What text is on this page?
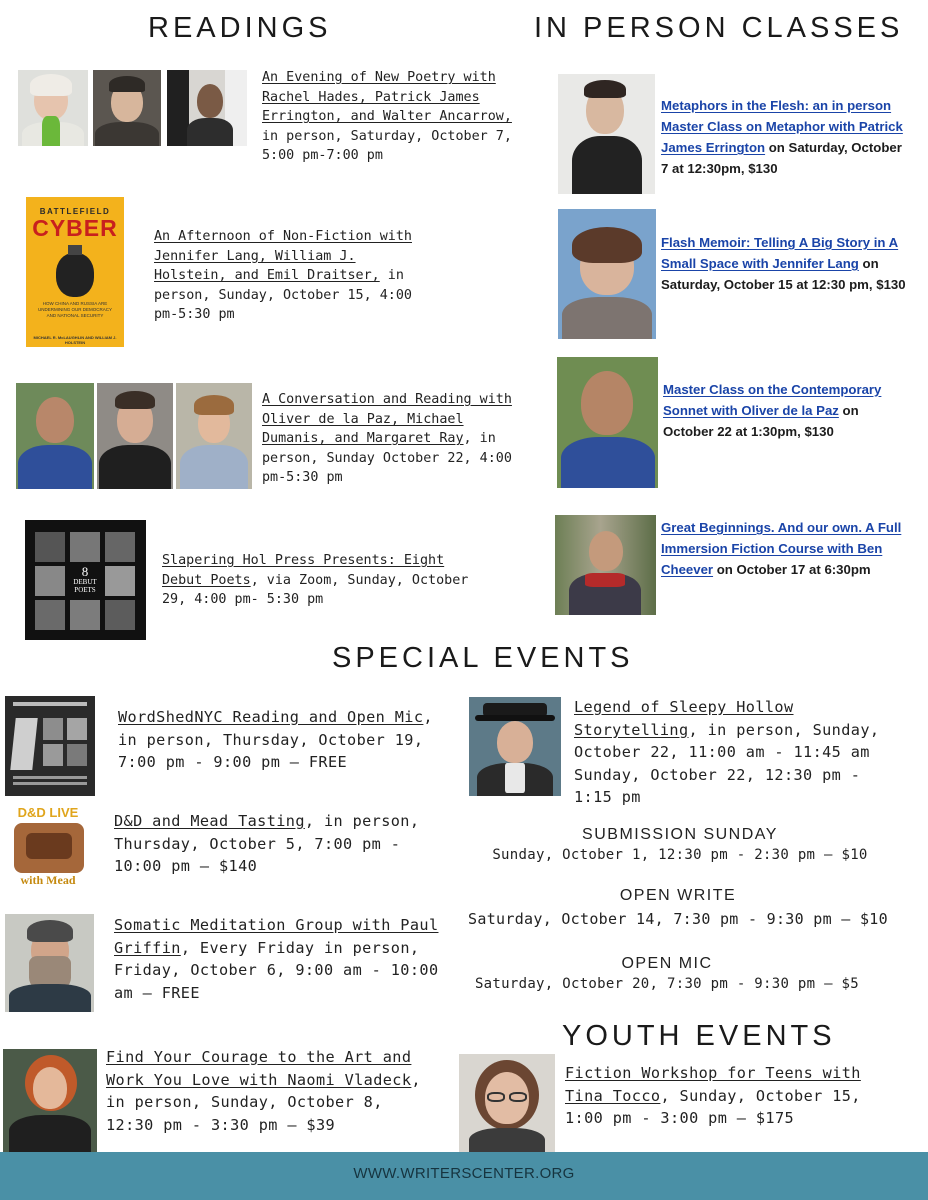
READINGS	IN PERSON CLASSES
SPECIAL EVENTS
YOUTH EVENTS
An Evening of New Poetry with Rachel Hades, Patrick James Errington, and Walter Ancarrow, in person, Saturday, October 7, 5:00 pm-7:00 pm
BATTLEFIELD
CYBER
HOW CHINA AND RUSSIA ARE UNDERMINING OUR DEMOCRACY AND NATIONAL SECURITY
MICHAEL R. McLAUGHLIN AND WILLIAM J. HOLSTEIN
An Afternoon of Non-Fiction with Jennifer Lang, William J. Holstein, and Emil Draitser, in person, Sunday, October 15, 4:00 pm-5:30 pm
A Conversation and Reading with Oliver de la Paz, Michael Dumanis, and Margaret Ray, in person, Sunday October 22, 4:00 pm-5:30 pm
8
DEBUT
POETS
Slapering Hol Press Presents: Eight Debut Poets, via Zoom, Sunday, October 29, 4:00 pm- 5:30 pm
Metaphors in the Flesh: an in person Master Class on Metaphor with Patrick James Errington on Saturday, October 7 at 12:30pm, $130
Flash Memoir: Telling A Big Story in A Small Space with Jennifer Lang on Saturday, October 15 at 12:30 pm, $130
Master Class on the Contemporary Sonnet with Oliver de la Paz on October 22 at 1:30pm, $130
Great Beginnings. And our own. A Full Immersion Fiction Course with Ben Cheever on October 17 at 6:30pm
WordShedNYC Reading and Open Mic, in person, Thursday, October 19, 7:00 pm - 9:00 pm – FREE
D&D LIVE
with Mead
D&D and Mead Tasting, in person, Thursday, October 5, 7:00 pm - 10:00 pm – $140
Somatic Meditation Group with Paul Griffin, Every Friday in person, Friday, October 6, 9:00 am - 10:00 am – FREE
Find Your Courage to the Art and Work You Love with Naomi Vladeck, in person, Sunday, October 8, 12:30 pm - 3:30 pm – $39
Legend of Sleepy Hollow Storytelling, in person, Sunday, October 22, 11:00 am - 11:45 am Sunday, October 22, 12:30 pm - 1:15 pm
SUBMISSION SUNDAY
Sunday, October 1, 12:30 pm - 2:30 pm – $10
OPEN WRITE
Saturday, October 14, 7:30 pm - 9:30 pm – $10
OPEN MIC
Saturday, October 20, 7:30 pm - 9:30 pm – $5
Fiction Workshop for Teens with Tina Tocco, Sunday, October 15, 1:00 pm - 3:00 pm – $175
WWW.WRITERSCENTER.ORG
